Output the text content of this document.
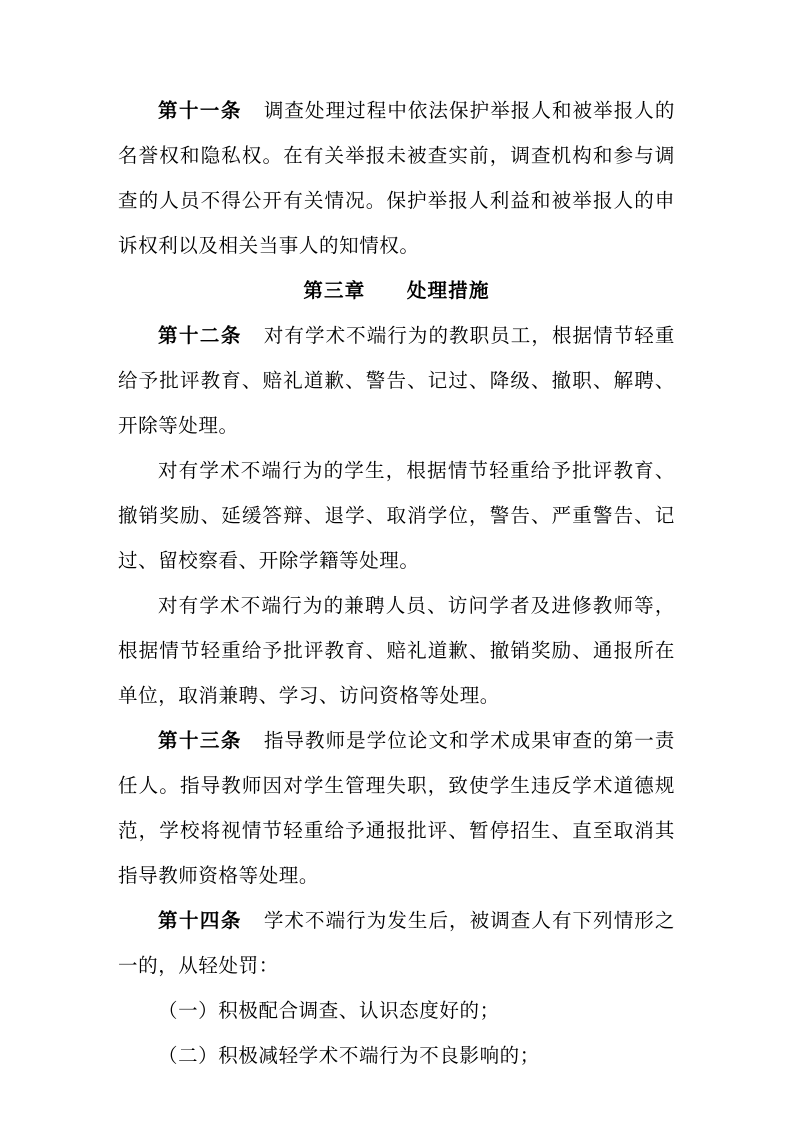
第十一条 调查处理过程中依法保护举报人和被举报人的名誉权和隐私权。在有关举报未被查实前，调查机构和参与调查的人员不得公开有关情况。保护举报人利益和被举报人的申诉权利以及相关当事人的知情权。

第三章　　处理措施

第十二条 对有学术不端行为的教职员工，根据情节轻重给予批评教育、赔礼道歉、警告、记过、降级、撤职、解聘、开除等处理。

对有学术不端行为的学生，根据情节轻重给予批评教育、撤销奖励、延缓答辩、退学、取消学位，警告、严重警告、记过、留校察看、开除学籍等处理。

对有学术不端行为的兼聘人员、访问学者及进修教师等，根据情节轻重给予批评教育、赔礼道歉、撤销奖励、通报所在单位，取消兼聘、学习、访问资格等处理。

第十三条 指导教师是学位论文和学术成果审查的第一责任人。指导教师因对学生管理失职，致使学生违反学术道德规范，学校将视情节轻重给予通报批评、暂停招生、直至取消其指导教师资格等处理。

第十四条 学术不端行为发生后，被调查人有下列情形之一的，从轻处罚：

（一）积极配合调查、认识态度好的；

（二）积极减轻学术不端行为不良影响的；
